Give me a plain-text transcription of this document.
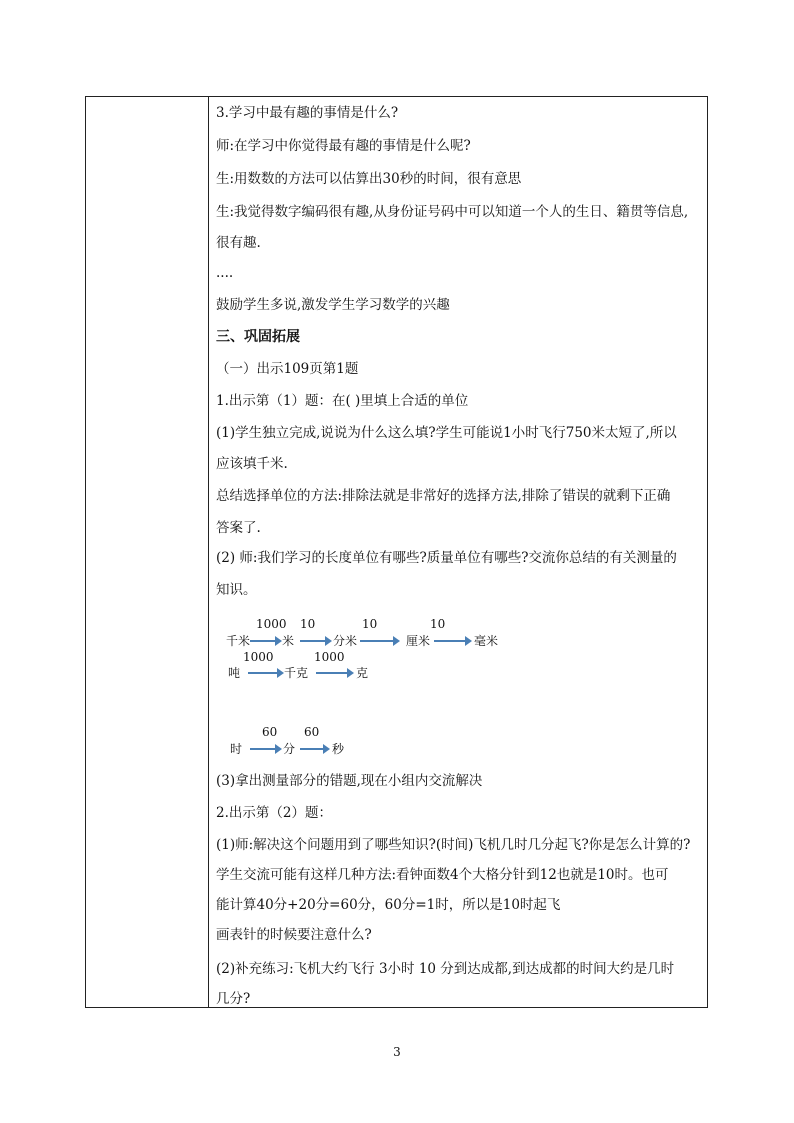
3.学习中最有趣的事情是什么?
师:在学习中你觉得最有趣的事情是什么呢?
生:用数数的方法可以估算出30秒的时间，很有意思
生:我觉得数字编码很有趣,从身份证号码中可以知道一个人的生日、籍贯等信息,
很有趣.
....
鼓励学生多说,激发学生学习数学的兴趣
三、巩固拓展
（一）出示109页第1题
1.出示第（1）题：在( )里填上合适的单位
(1)学生独立完成,说说为什么这么填?学生可能说1小时飞行750米太短了,所以
应该填千米.
总结选择单位的方法:排除法就是非常好的选择方法,排除了错误的就剩下正确
答案了.
(2) 师:我们学习的长度单位有哪些?质量单位有哪些?交流你总结的有关测量的
知识。
1000 10	10	10
千米	米	分米	厘米	毫米
1000	1000
吨	千克	克
60 60
时	分	秒
(3)拿出测量部分的错题,现在小组内交流解决
2.出示第（2）题：
(1)师:解决这个问题用到了哪些知识?(时间)飞机几时几分起飞?你是怎么计算的?
学生交流可能有这样几种方法:看钟面数4个大格分针到12也就是10时。也可
能计算40分+20分=60分，60分=1时，所以是10时起飞
画表针的时候要注意什么?
(2)补充练习:飞机大约飞行 3小时 10 分到达成都,到达成都的时间大约是几时
几分?
3
